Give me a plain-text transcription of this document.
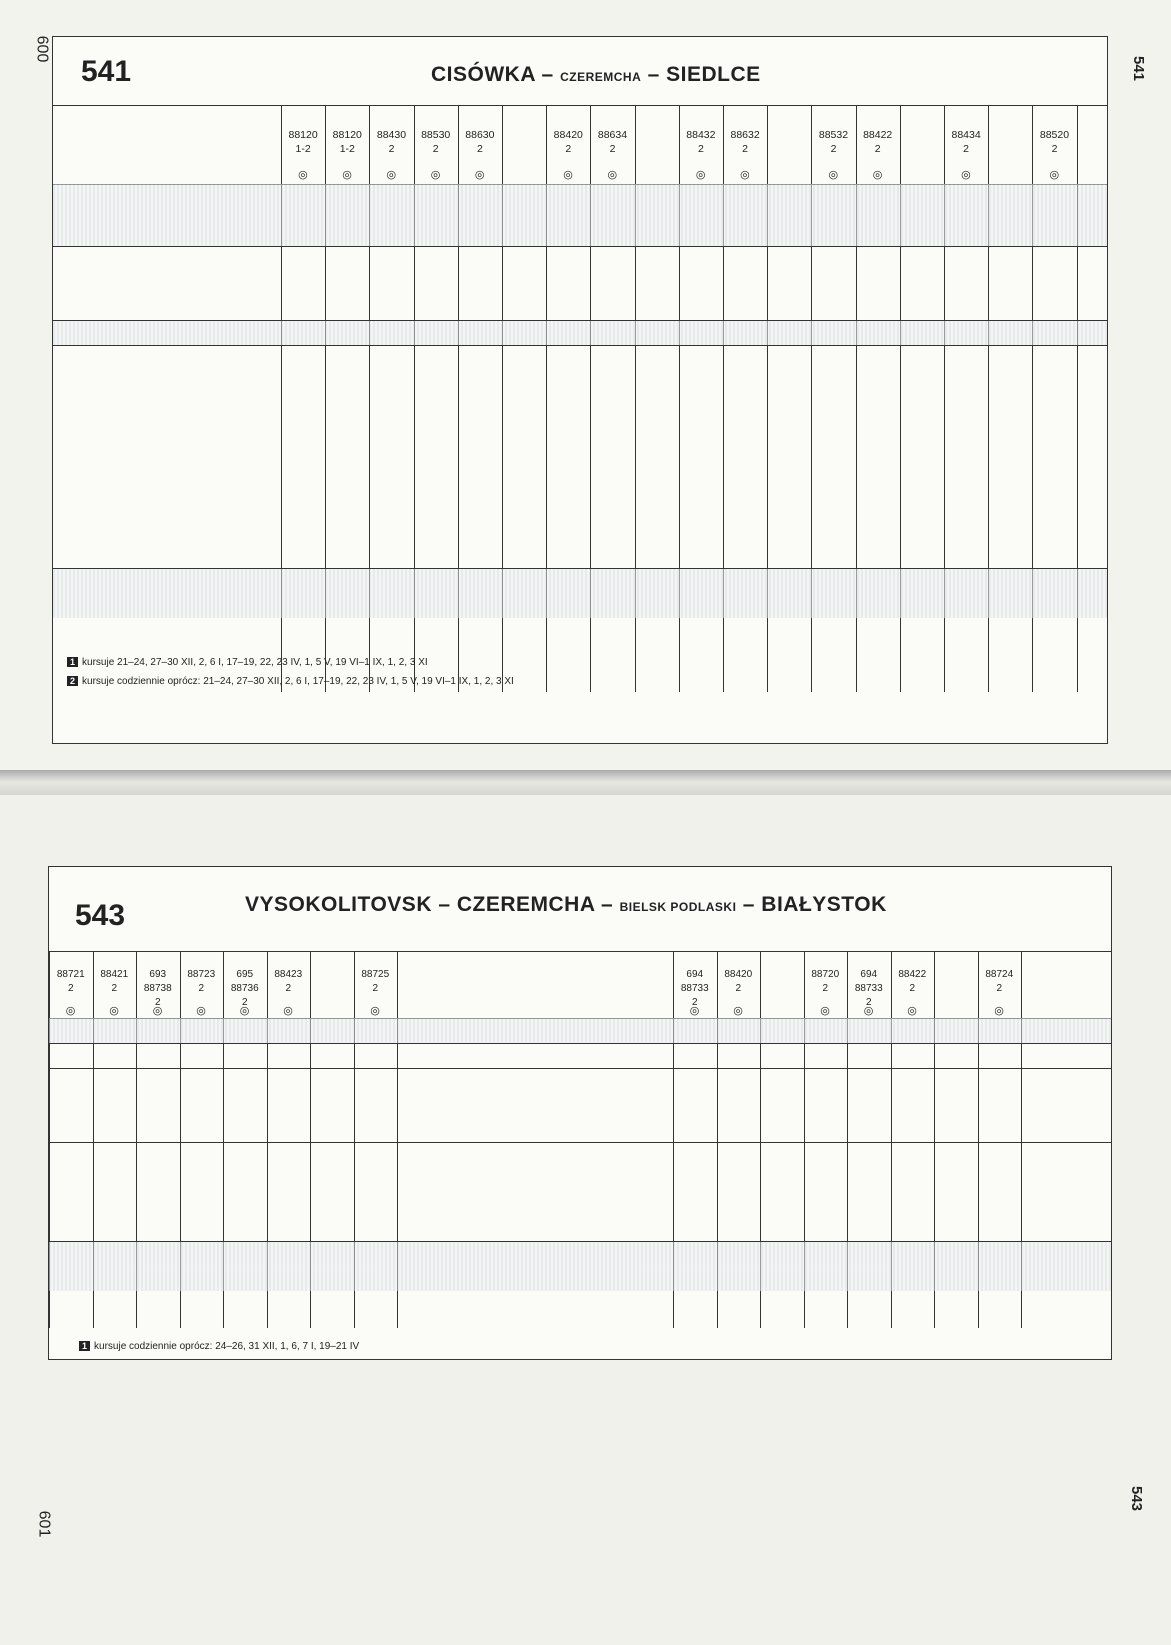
600
541
541	CISÓWKA – CZEREMCHA – SIEDLCE
88120
1-2
◎
88120
1-2
◎
88430
2
◎
88530
2
◎
88630
2
◎
88420
2
◎
88634
2
◎
88432
2
◎
88632
2
◎
88532
2
◎
88422
2
◎
88434
2
◎
88520
2
◎
1 kursuje 21–24, 27–30 XII, 2, 6 I, 17–19, 22, 23 IV, 1, 5 V, 19 VI–1 IX, 1, 2, 3 XI
2 kursuje codziennie oprócz: 21–24, 27–30 XII, 2, 6 I, 17–19, 22, 23 IV, 1, 5 V, 19 VI–1 IX, 1, 2, 3 XI
601
543
543	VYSOKOLITOVSK – CZEREMCHA – BIELSK PODLASKI – BIAŁYSTOK
88721
2
◎
88421
2
◎
693 88738
2
◎
88723
2
◎
695 88736
2
◎
88423
2
◎
88725
2
◎
694 88733
2
◎
88420
2
◎
88720
2
◎
694 88733
2
◎
88422
2
◎
88724
2
◎
1 kursuje codziennie oprócz: 24–26, 31 XII, 1, 6, 7 I, 19–21 IV
